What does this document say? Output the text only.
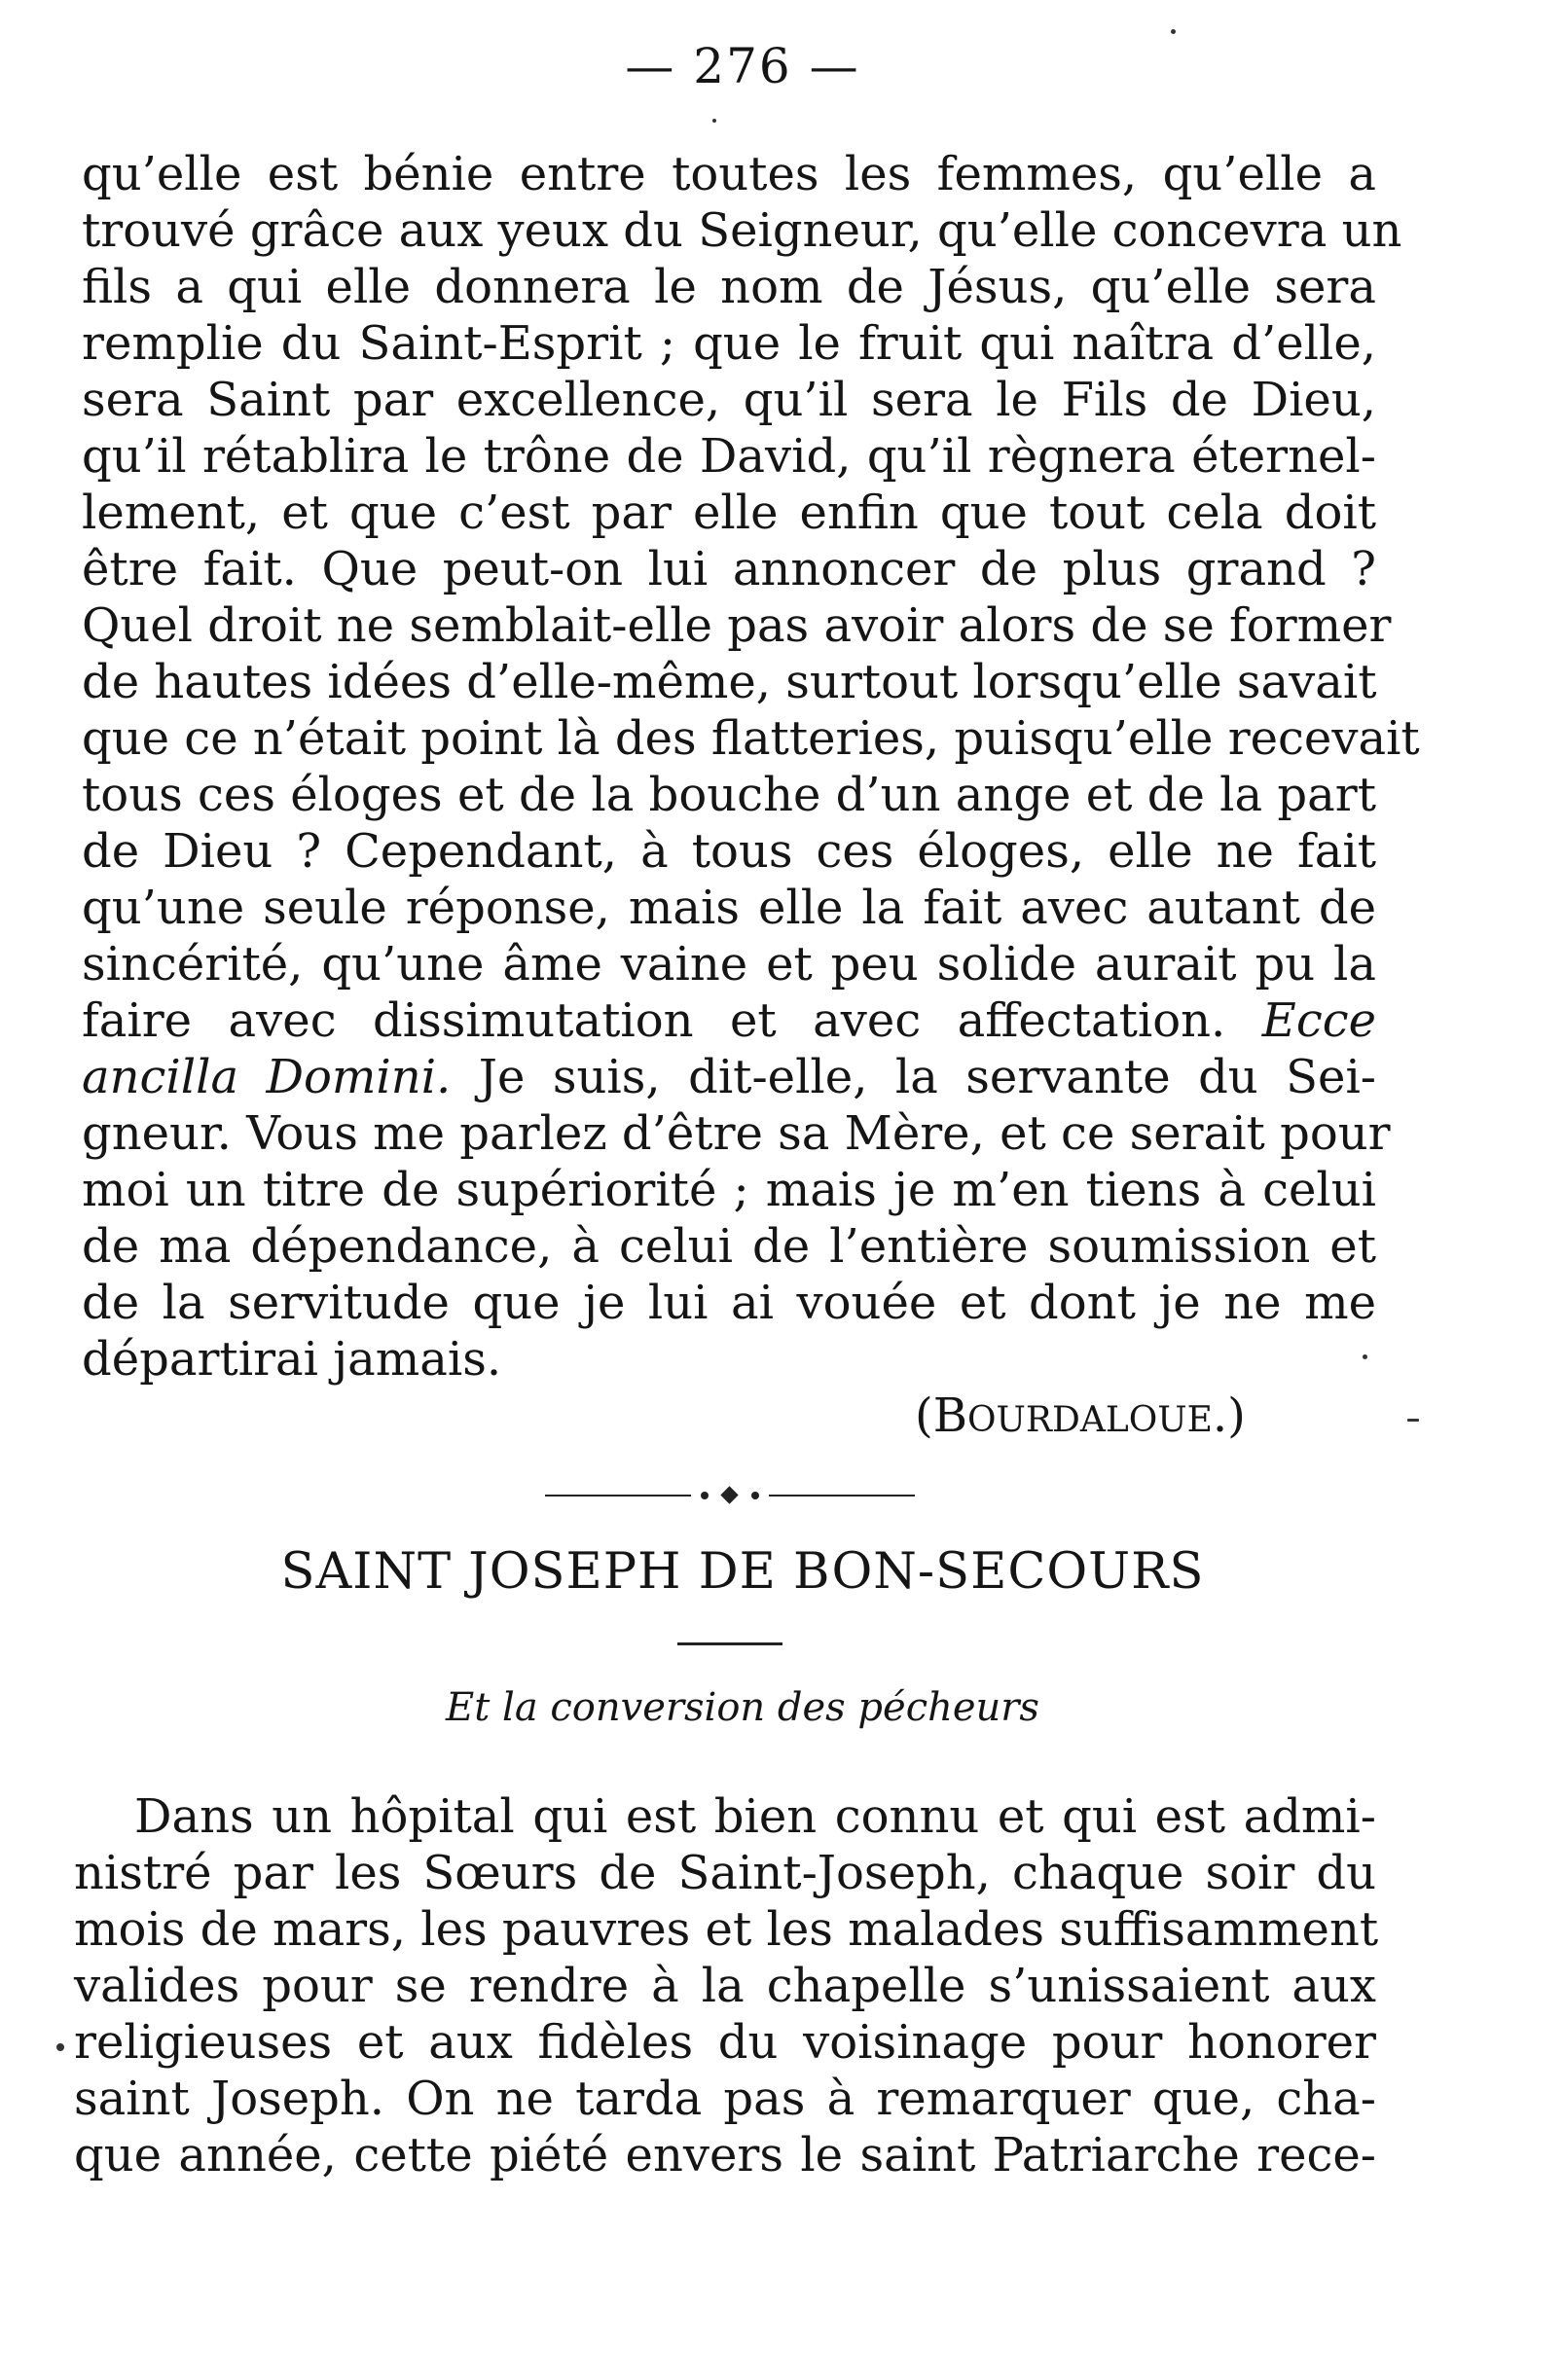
— 276 —
qu’elle est bénie entre toutes les femmes, qu’elle a
trouvé grâce aux yeux du Seigneur, qu’elle concevra un
fils a qui elle donnera le nom de Jésus, qu’elle sera
remplie du Saint-Esprit ; que le fruit qui naîtra d’elle,
sera Saint par excellence, qu’il sera le Fils de Dieu,
qu’il rétablira le trône de David, qu’il règnera éternel-
lement, et que c’est par elle enfin que tout cela doit
être fait. Que peut-on lui annoncer de plus grand ?
Quel droit ne semblait-elle pas avoir alors de se former
de hautes idées d’elle-même, surtout lorsqu’elle savait
que ce n’était point là des flatteries, puisqu’elle recevait
tous ces éloges et de la bouche d’un ange et de la part
de Dieu ? Cependant, à tous ces éloges, elle ne fait
qu’une seule réponse, mais elle la fait avec autant de
sincérité, qu’une âme vaine et peu solide aurait pu la
faire avec dissimutation et avec affectation. Ecce
ancilla Domini. Je suis, dit-elle, la servante du Sei-
gneur. Vous me parlez d’être sa Mère, et ce serait pour
moi un titre de supériorité ; mais je m’en tiens à celui
de ma dépendance, à celui de l’entière soumission et
de la servitude que je lui ai vouée et dont je ne me
départirai jamais.
(BOURDALOUE.)
SAINT JOSEPH DE BON-SECOURS
Et la conversion des pécheurs
Dans un hôpital qui est bien connu et qui est admi-
nistré par les Sœurs de Saint-Joseph, chaque soir du
mois de mars, les pauvres et les malades suffisamment
valides pour se rendre à la chapelle s’unissaient aux
religieuses et aux fidèles du voisinage pour honorer
saint Joseph. On ne tarda pas à remarquer que, cha-
que année, cette piété envers le saint Patriarche rece-
